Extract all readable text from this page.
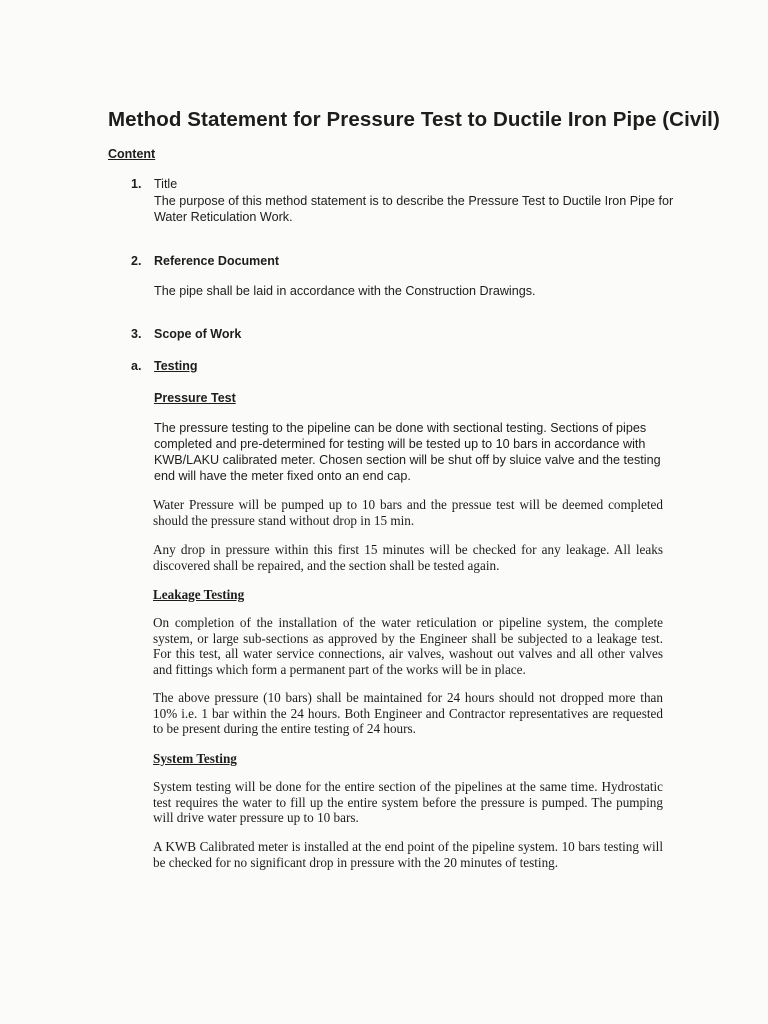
Method Statement for Pressure Test to Ductile Iron Pipe (Civil)
Content
1. Title

The purpose of this method statement is to describe the Pressure Test to Ductile Iron Pipe for Water Reticulation Work.

2. Reference Document

The pipe shall be laid in accordance with the Construction Drawings.

3. Scope of Work
a. Testing
Pressure Test

The pressure testing to the pipeline can be done with sectional testing. Sections of pipes completed and pre-determined for testing will be tested up to 10 bars in accordance with KWB/LAKU calibrated meter. Chosen section will be shut off by sluice valve and the testing end will have the meter fixed onto an end cap.

Water Pressure will be pumped up to 10 bars and the pressue test will be deemed completed should the pressure stand without drop in 15 min.

Any drop in pressure within this first 15 minutes will be checked for any leakage. All leaks discovered shall be repaired, and the section shall be tested again.

Leakage Testing

On completion of the installation of the water reticulation or pipeline system, the complete system, or large sub-sections as approved by the Engineer shall be subjected to a leakage test. For this test, all water service connections, air valves, washout out valves and all other valves and fittings which form a permanent part of the works will be in place.

The above pressure (10 bars) shall be maintained for 24 hours should not dropped more than 10% i.e. 1 bar within the 24 hours. Both Engineer and Contractor representatives are requested to be present during the entire testing of 24 hours.

System Testing

System testing will be done for the entire section of the pipelines at the same time. Hydrostatic test requires the water to fill up the entire system before the pressure is pumped. The pumping will drive water pressure up to 10 bars.

A KWB Calibrated meter is installed at the end point of the pipeline system. 10 bars testing will be checked for no significant drop in pressure with the 20 minutes of testing.
